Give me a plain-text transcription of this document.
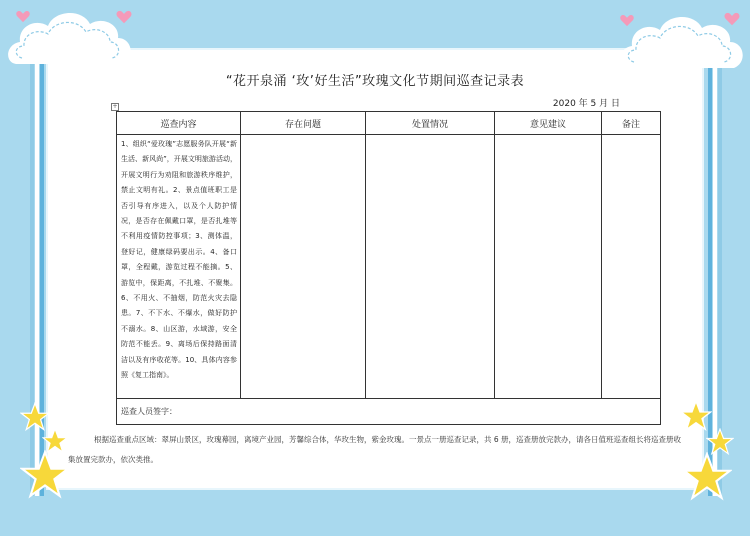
“花开泉涌 ‘玫’好生活”玫瑰文化节期间巡查记录表
2020 年 5 月 日
+
巡查内容	存在问题	处置情况	意见建议	备注

1、组织“爱玫瑰”志愿服务队开展“新生活、新风尚”，开展文明旅游活动，开展文明行为劝阻和旅游秩序维护，禁止文明有礼。2、景点值班职工是否引导有序进入，以及个人防护情况，是否存在佩戴口罩，是否扎堆等不利用疫情防控事项；3、测体温，登好记，健康绿码要出示。4、备口罩，全程戴，游览过程不能摘。5、游览中，保距离，不扎堆、不聚集。6、不用火、不抽烟，防范火灾去隐患。7、不下水、不爆水，做好防护不溺水。8、山区游，水域游，安全防范不能丢。9、离场后保持路面清洁以及有序收花等。10、具体内容参照《复工指南》。				

巡查人员签字：				
根据巡查重点区域：翠屏山景区，玫瑰幕园，离境产业园，芳馨综合体，华玫生物，紫金玫瑰。一景点一册巡查记录，共 6 册，巡查册放完款办，请各日值班巡查组长将巡查册收集放置完款办，依次类推。
